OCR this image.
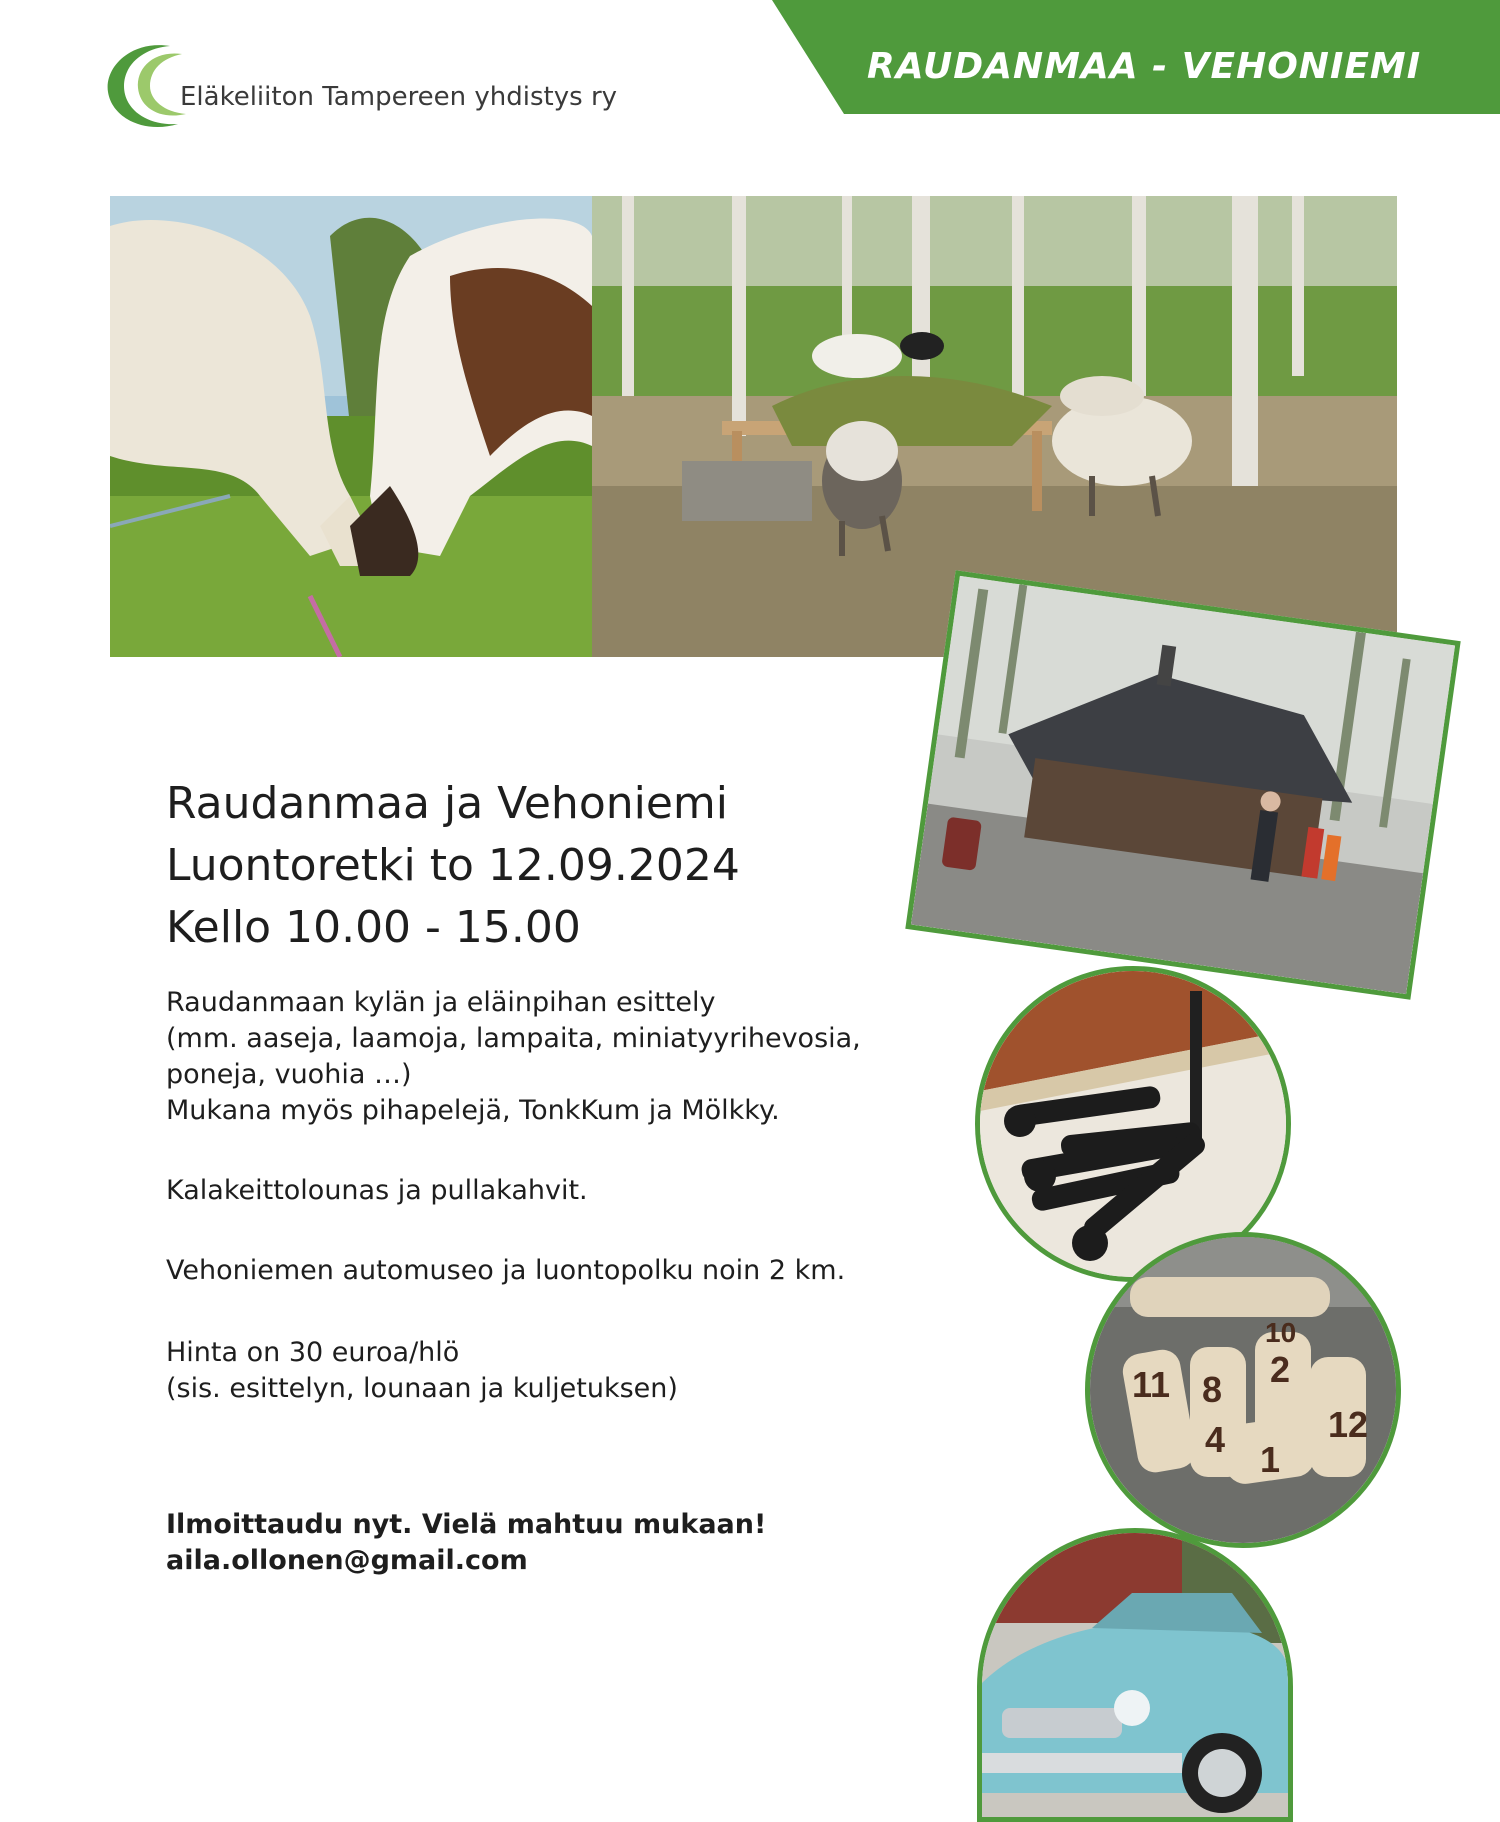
Eläkeliiton Tampereen yhdistys ry
RAUDANMAA - VEHONIEMI
11 8 2
10
4 1
12
Raudanmaa ja Vehoniemi
Luontoretki to 12.09.2024
Kello 10.00 - 15.00

Raudanmaan kylän ja eläinpihan esittely

(mm. aaseja, laamoja, lampaita, miniatyyrihevosia,

poneja, vuohia …)

Mukana myös pihapelejä, TonkKum ja Mölkky.

Kalakeittolounas ja pullakahvit.

Vehoniemen automuseo ja luontopolku noin 2 km.

Hinta on 30 euroa/hlö

(sis. esittelyn, lounaan ja kuljetuksen)

Ilmoittaudu nyt. Vielä mahtuu mukaan!

aila.ollonen@gmail.com
